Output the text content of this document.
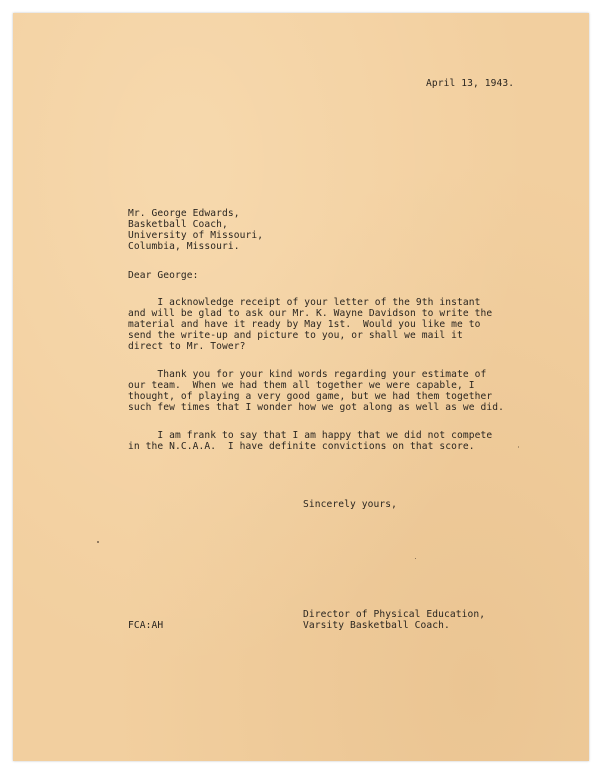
April 13, 1943.
Mr. George Edwards,
Basketball Coach,
University of Missouri,
Columbia, Missouri.
Dear George:
I acknowledge receipt of your letter of the 9th instant
and will be glad to ask our Mr. K. Wayne Davidson to write the
material and have it ready by May 1st.  Would you like me to
send the write-up and picture to you, or shall we mail it
direct to Mr. Tower?
Thank you for your kind words regarding your estimate of
our team.  When we had them all together we were capable, I
thought, of playing a very good game, but we had them together
such few times that I wonder how we got along as well as we did.
I am frank to say that I am happy that we did not compete
in the N.C.A.A.  I have definite convictions on that score.
Sincerely yours,
Director of Physical Education,
Varsity Basketball Coach.
FCA:AH
